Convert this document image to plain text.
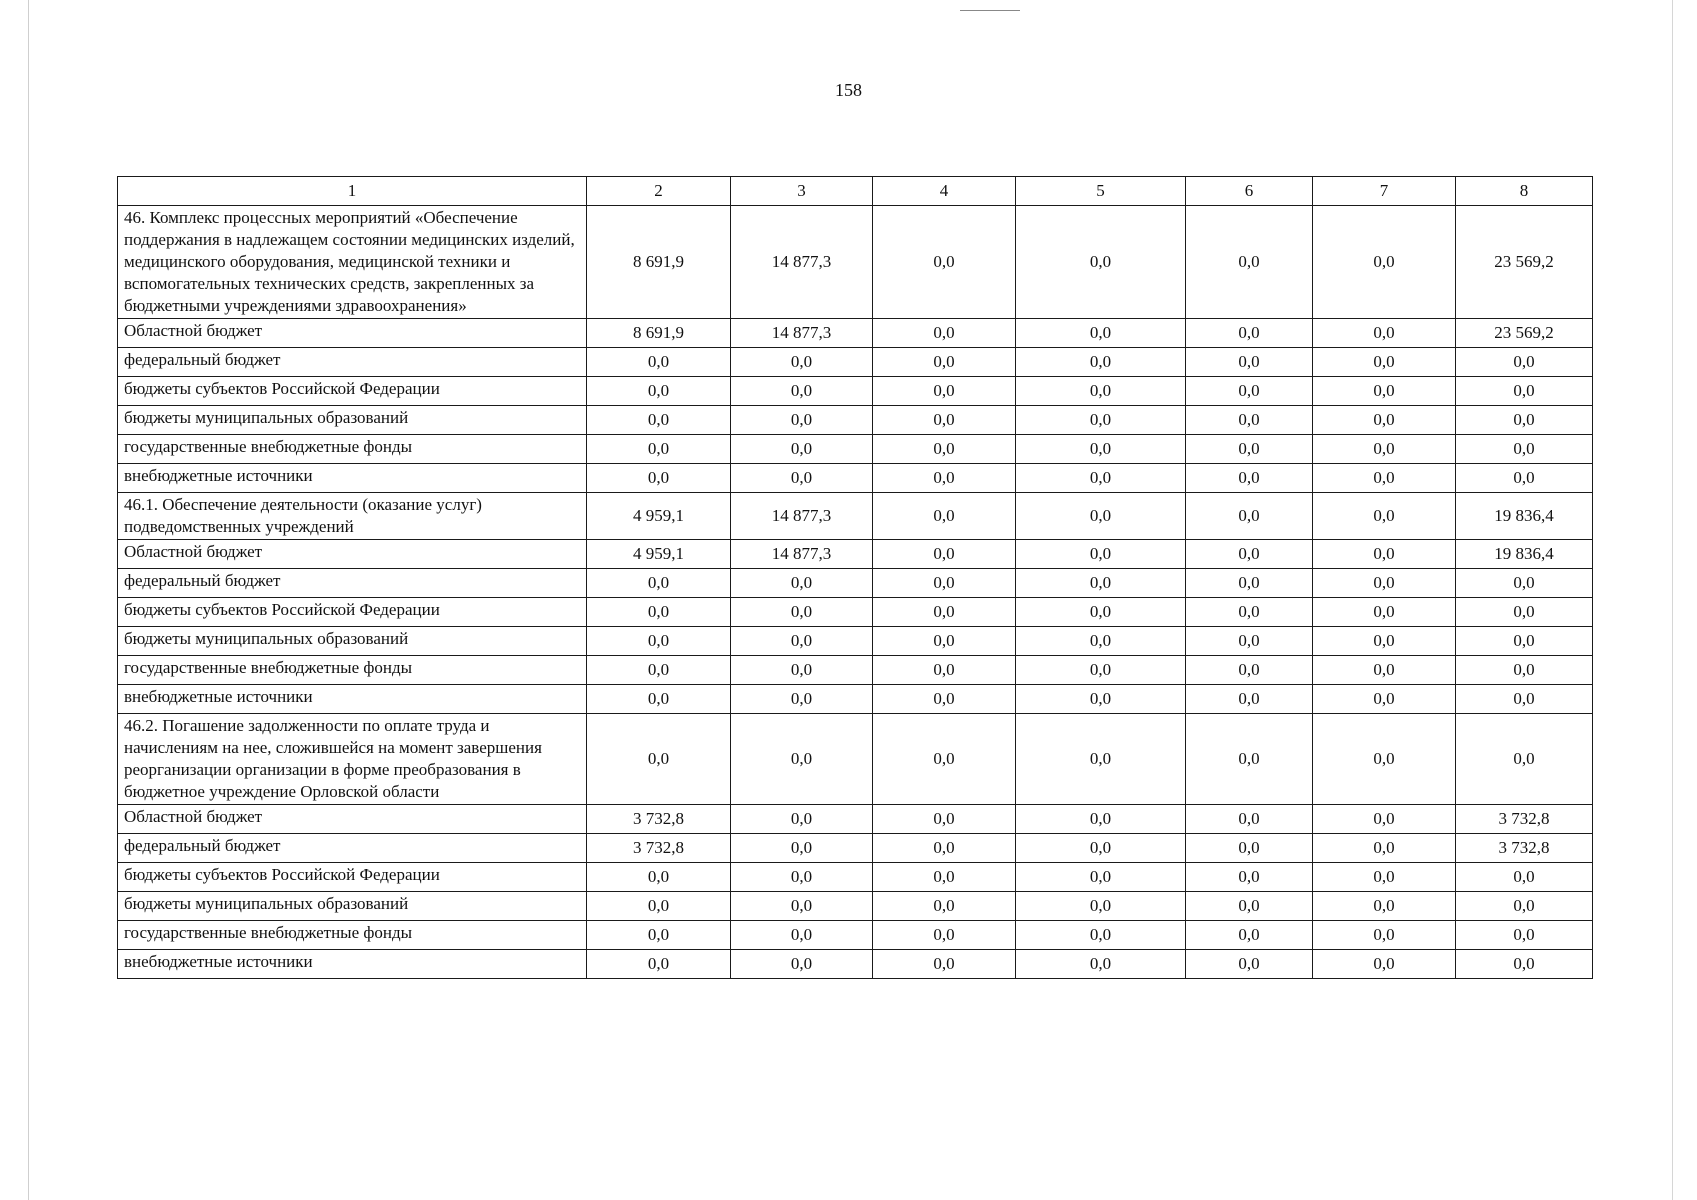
158
1	2	3	4	5	6	7	8
46. Комплекс процессных мероприятий «Обеспечение поддержания в надлежащем состоянии медицинских изделий, медицинского оборудования, медицинской техники и вспомогательных технических средств, закрепленных за бюджетными учреждениями здравоохранения»	8 691,9	14 877,3	0,0	0,0	0,0	0,0	23 569,2
Областной бюджет	8 691,9	14 877,3	0,0	0,0	0,0	0,0	23 569,2
федеральный бюджет	0,0	0,0	0,0	0,0	0,0	0,0	0,0
бюджеты субъектов Российской Федерации	0,0	0,0	0,0	0,0	0,0	0,0	0,0
бюджеты муниципальных образований	0,0	0,0	0,0	0,0	0,0	0,0	0,0
государственные внебюджетные фонды	0,0	0,0	0,0	0,0	0,0	0,0	0,0
внебюджетные источники	0,0	0,0	0,0	0,0	0,0	0,0	0,0
46.1. Обеспечение деятельности (оказание услуг) подведомственных учреждений	4 959,1	14 877,3	0,0	0,0	0,0	0,0	19 836,4
Областной бюджет	4 959,1	14 877,3	0,0	0,0	0,0	0,0	19 836,4
федеральный бюджет	0,0	0,0	0,0	0,0	0,0	0,0	0,0
бюджеты субъектов Российской Федерации	0,0	0,0	0,0	0,0	0,0	0,0	0,0
бюджеты муниципальных образований	0,0	0,0	0,0	0,0	0,0	0,0	0,0
государственные внебюджетные фонды	0,0	0,0	0,0	0,0	0,0	0,0	0,0
внебюджетные источники	0,0	0,0	0,0	0,0	0,0	0,0	0,0
46.2. Погашение задолженности по оплате труда и начислениям на нее, сложившейся на момент завершения реорганизации организации в форме преобразования в бюджетное учреждение Орловской области	0,0	0,0	0,0	0,0	0,0	0,0	0,0
Областной бюджет	3 732,8	0,0	0,0	0,0	0,0	0,0	3 732,8
федеральный бюджет	3 732,8	0,0	0,0	0,0	0,0	0,0	3 732,8
бюджеты субъектов Российской Федерации	0,0	0,0	0,0	0,0	0,0	0,0	0,0
бюджеты муниципальных образований	0,0	0,0	0,0	0,0	0,0	0,0	0,0
государственные внебюджетные фонды	0,0	0,0	0,0	0,0	0,0	0,0	0,0
внебюджетные источники	0,0	0,0	0,0	0,0	0,0	0,0	0,0
